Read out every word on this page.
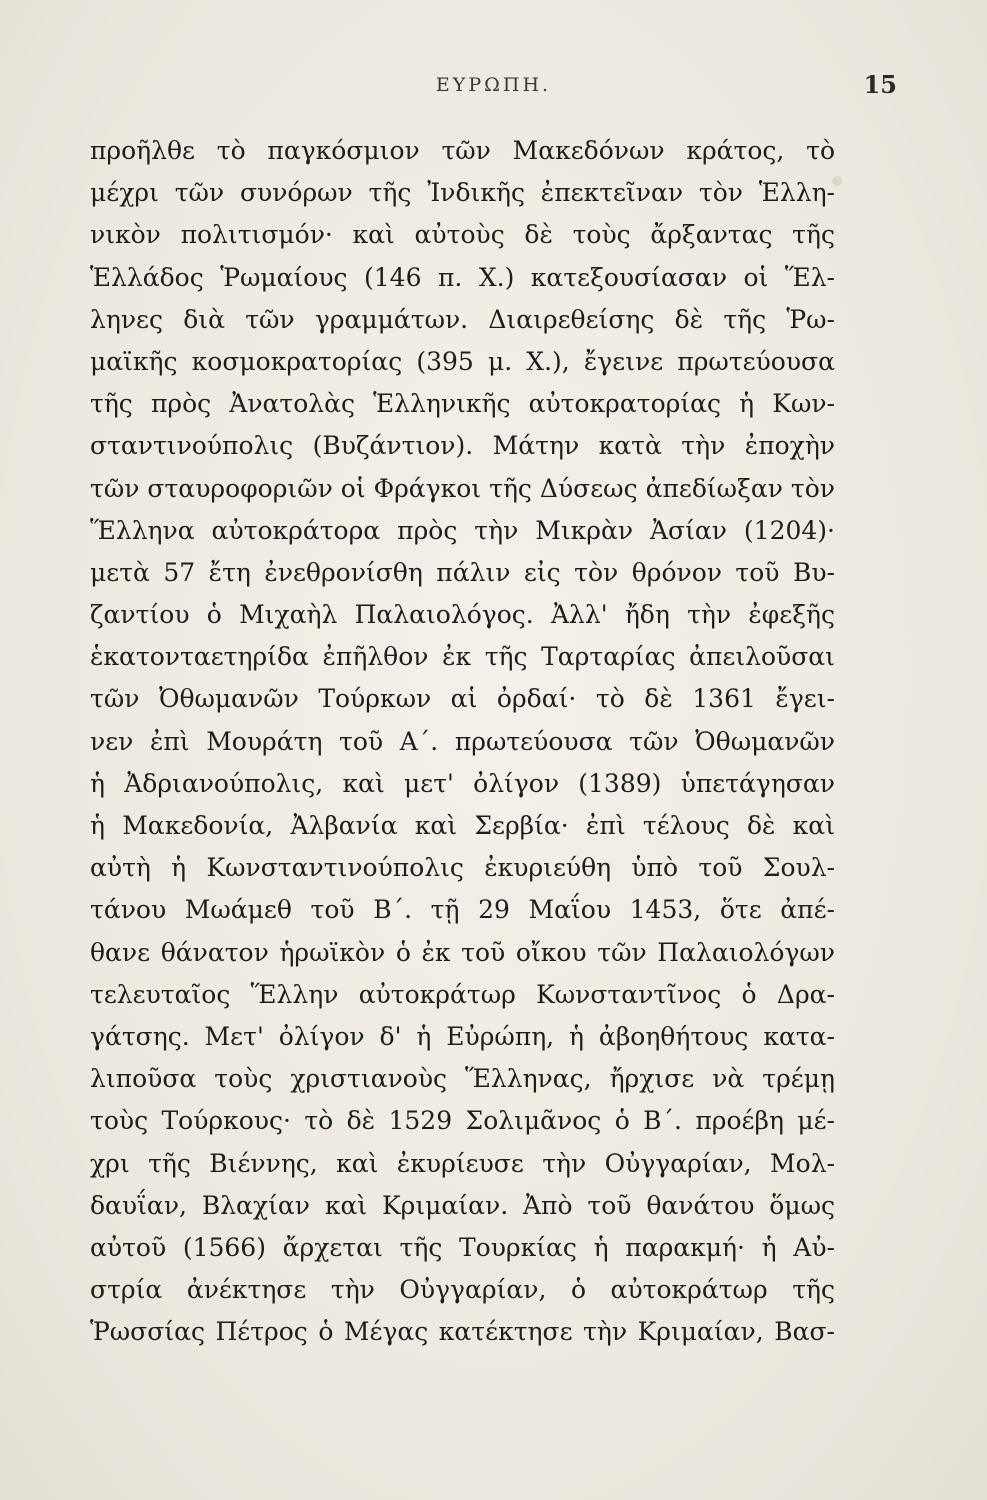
ΕΥΡΩΠΗ.	15
προῆλθε τὸ παγκόσμιον τῶν Μακεδόνων κράτος, τὸ
μέχρι τῶν συνόρων τῆς Ἰνδικῆς ἐπεκτεῖναν τὸν Ἑλλη-
νικὸν πολιτισμόν· καὶ αὐτοὺς δὲ τοὺς ἄρξαντας τῆς
Ἑλλάδος Ῥωμαίους (146 π. Χ.) κατεξουσίασαν οἱ Ἕλ-
ληνες διὰ τῶν γραμμάτων. Διαιρεθείσης δὲ τῆς Ῥω-
μαϊκῆς κοσμοκρατορίας (395 μ. Χ.), ἔγεινε πρωτεύουσα
τῆς πρὸς Ἀνατολὰς Ἑλληνικῆς αὐτοκρατορίας ἡ Κων-
σταντινούπολις (Βυζάντιον). Μάτην κατὰ τὴν ἐποχὴν
τῶν σταυροφοριῶν οἱ Φράγκοι τῆς Δύσεως ἀπεδίωξαν τὸν
Ἕλληνα αὐτοκράτορα πρὸς τὴν Μικρὰν Ἀσίαν (1204)·
μετὰ 57 ἔτη ἐνεθρονίσθη πάλιν εἰς τὸν θρόνον τοῦ Βυ-
ζαντίου ὁ Μιχαὴλ Παλαιολόγος. Ἀλλ' ἤδη τὴν ἐφεξῆς
ἑκατονταετηρίδα ἐπῆλθον ἐκ τῆς Ταρταρίας ἀπειλοῦσαι
τῶν Ὀθωμανῶν Τούρκων αἱ ὀρδαί· τὸ δὲ 1361 ἔγει-
νεν ἐπὶ Μουράτη τοῦ Α΄. πρωτεύουσα τῶν Ὀθωμανῶν
ἡ Ἀδριανούπολις, καὶ μετ' ὀλίγον (1389) ὑπετάγησαν
ἡ Μακεδονία, Ἀλβανία καὶ Σερβία· ἐπὶ τέλους δὲ καὶ
αὐτὴ ἡ Κωνσταντινούπολις ἐκυριεύθη ὑπὸ τοῦ Σουλ-
τάνου Μωάμεθ τοῦ Β΄. τῇ 29 Μαΐου 1453, ὅτε ἀπέ-
θανε θάνατον ἡρωϊκὸν ὁ ἐκ τοῦ οἴκου τῶν Παλαιολόγων
τελευταῖος Ἕλλην αὐτοκράτωρ Κωνσταντῖνος ὁ Δρα-
γάτσης. Μετ' ὀλίγον δ' ἡ Εὐρώπη, ἡ ἀβοηθήτους κατα-
λιποῦσα τοὺς χριστιανοὺς Ἕλληνας, ἤρχισε νὰ τρέμῃ
τοὺς Τούρκους· τὸ δὲ 1529 Σολιμᾶνος ὁ Β΄. προέβη μέ-
χρι τῆς Βιέννης, καὶ ἐκυρίευσε τὴν Οὐγγαρίαν, Μολ-
δαυΐαν, Βλαχίαν καὶ Κριμαίαν. Ἀπὸ τοῦ θανάτου ὅμως
αὐτοῦ (1566) ἄρχεται τῆς Τουρκίας ἡ παρακμή· ἡ Αὐ-
στρία ἀνέκτησε τὴν Οὐγγαρίαν, ὁ αὐτοκράτωρ τῆς
Ῥωσσίας Πέτρος ὁ Μέγας κατέκτησε τὴν Κριμαίαν, Βασ-
